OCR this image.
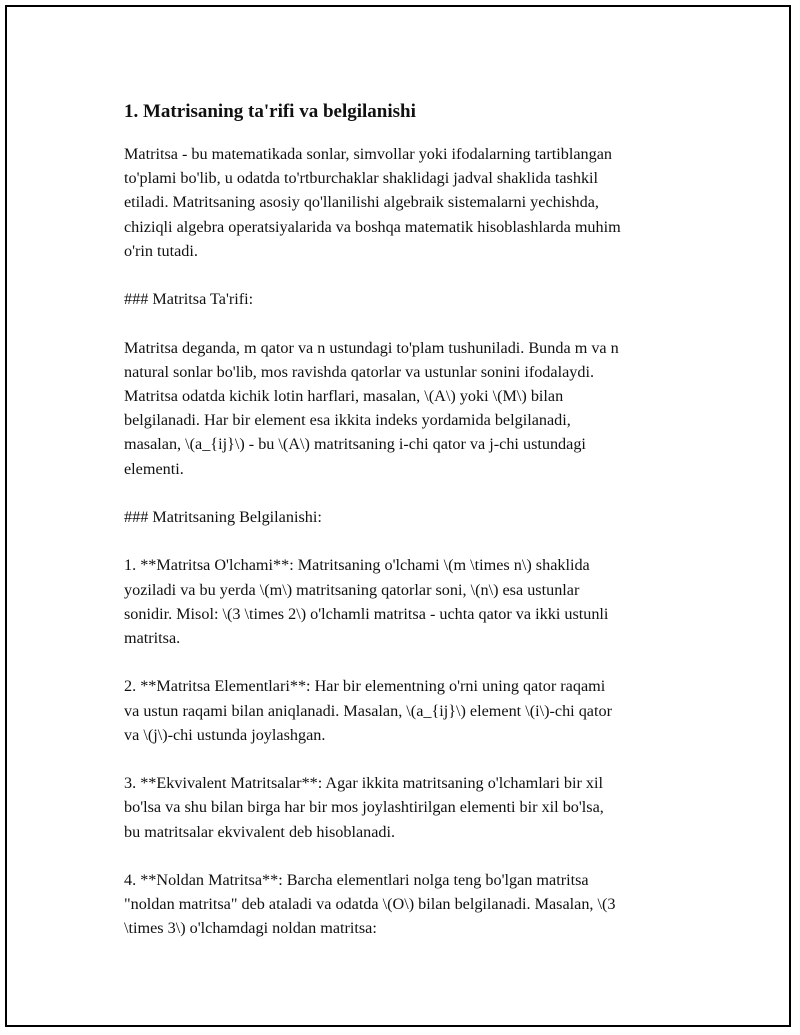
1. Matrisaning ta'rifi va belgilanishi

Matritsa - bu matematikada sonlar, simvollar yoki ifodalarning tartiblangan
to'plami bo'lib, u odatda to'rtburchaklar shaklidagi jadval shaklida tashkil
etiladi. Matritsaning asosiy qo'llanilishi algebraik sistemalarni yechishda,
chiziqli algebra operatsiyalarida va boshqa matematik hisoblashlarda muhim
o'rin tutadi.

### Matritsa Ta'rifi:

Matritsa deganda, m qator va n ustundagi to'plam tushuniladi. Bunda m va n
natural sonlar bo'lib, mos ravishda qatorlar va ustunlar sonini ifodalaydi.
Matritsa odatda kichik lotin harflari, masalan, \(A\) yoki \(M\) bilan
belgilanadi. Har bir element esa ikkita indeks yordamida belgilanadi,
masalan, \(a_{ij}\) - bu \(A\) matritsaning i-chi qator va j-chi ustundagi
elementi.

### Matritsaning Belgilanishi:

1. **Matritsa O'lchami**: Matritsaning o'lchami \(m \times n\) shaklida
yoziladi va bu yerda \(m\) matritsaning qatorlar soni, \(n\) esa ustunlar
sonidir. Misol: \(3 \times 2\) o'lchamli matritsa - uchta qator va ikki ustunli
matritsa.

2. **Matritsa Elementlari**: Har bir elementning o'rni uning qator raqami
va ustun raqami bilan aniqlanadi. Masalan, \(a_{ij}\) element \(i\)-chi qator
va \(j\)-chi ustunda joylashgan.

3. **Ekvivalent Matritsalar**: Agar ikkita matritsaning o'lchamlari bir xil
bo'lsa va shu bilan birga har bir mos joylashtirilgan elementi bir xil bo'lsa,
bu matritsalar ekvivalent deb hisoblanadi.

4. **Noldan Matritsa**: Barcha elementlari nolga teng bo'lgan matritsa
"noldan matritsa" deb ataladi va odatda \(O\) bilan belgilanadi. Masalan, \(3
\times 3\) o'lchamdagi noldan matritsa:
